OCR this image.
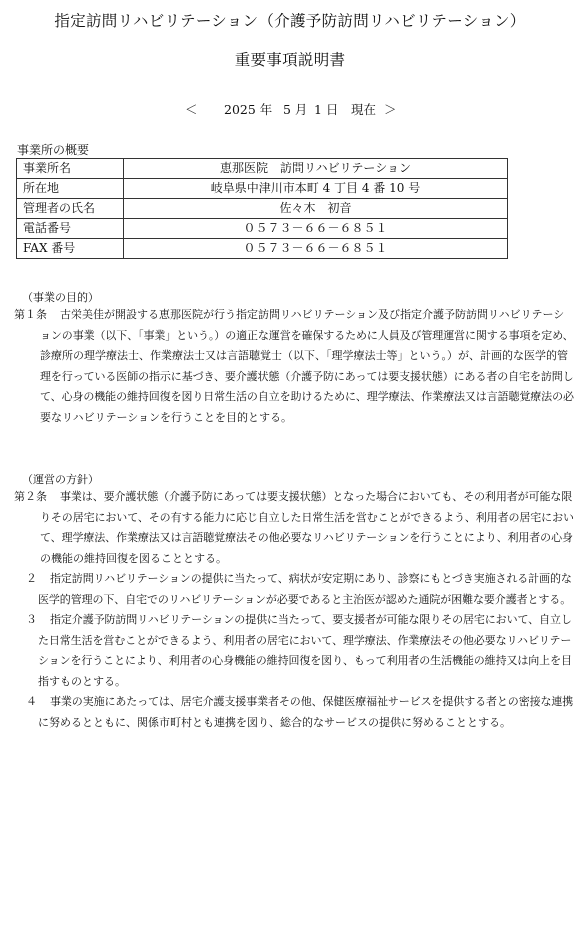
指定訪問リハビリテーション（介護予防訪問リハビリテーション）
重要事項説明書
＜ 2025 年 5 月 1 日 現在 ＞
事業所の概要
事業所名	恵那医院　訪問リハビリテーション
所在地	岐阜県中津川市本町 4 丁目 4 番 10 号
管理者の氏名	佐々木　初音
電話番号	０５７３－６６－６８５１
FAX 番号	０５７３－６６－６８５１
（事業の目的）
第１条 古栄美佳が開設する恵那医院が行う指定訪問リハビリテーション及び指定介護予防訪問リハビリテーシ
ョンの事業（以下、「事業」という。）の適正な運営を確保するために人員及び管理運営に関する事項を定め、
診療所の理学療法士、作業療法士又は言語聴覚士（以下、「理学療法士等」という。）が、計画的な医学的管
理を行っている医師の指示に基づき、要介護状態（介護予防にあっては要支援状態）にある者の自宅を訪問し
て、心身の機能の維持回復を図り日常生活の自立を助けるために、理学療法、作業療法又は言語聴覚療法の必
要なリハビリテーションを行うことを目的とする。
（運営の方針）
第２条 事業は、要介護状態（介護予防にあっては要支援状態）となった場合においても、その利用者が可能な限
りその居宅において、その有する能力に応じ自立した日常生活を営むことができるよう、利用者の居宅におい
て、理学療法、作業療法又は言語聴覚療法その他必要なリハビリテーションを行うことにより、利用者の心身
の機能の維持回復を図ることとする。
２ 指定訪問リハビリテーションの提供に当たって、病状が安定期にあり、診察にもとづき実施される計画的な
医学的管理の下、自宅でのリハビリテーションが必要であると主治医が認めた通院が困難な要介護者とする。
３ 指定介護予防訪問リハビリテーションの提供に当たって、要支援者が可能な限りその居宅において、自立し
た日常生活を営むことができるよう、利用者の居宅において、理学療法、作業療法その他必要なリハビリテー
ションを行うことにより、利用者の心身機能の維持回復を図り、もって利用者の生活機能の維持又は向上を目
指すものとする。
４ 事業の実施にあたっては、居宅介護支援事業者その他、保健医療福祉サービスを提供する者との密接な連携
に努めるとともに、関係市町村とも連携を図り、総合的なサービスの提供に努めることとする。
